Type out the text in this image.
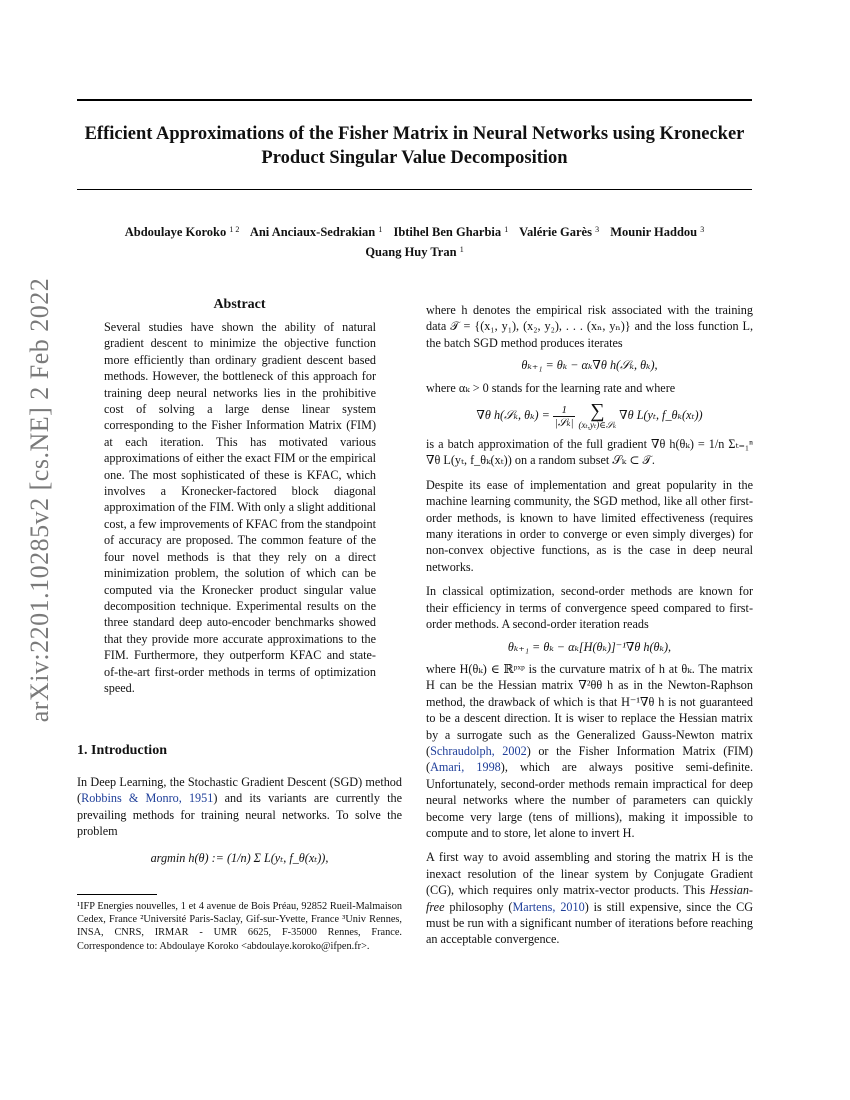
Efficient Approximations of the Fisher Matrix in Neural Networks using Kronecker Product Singular Value Decomposition
Abdoulaye Koroko $^{1 2}$ Ani Anciaux-Sedrakian $^1$ Ibtihel Ben Gharbia $^1$ Valérie Garès $^3$ Mounir Haddou $^3$
Quang Huy Tran $^1$
arXiv:2201.10285v2 [cs.NE] 2 Feb 2022	Abstract
Several studies have shown the ability of natural gradient descent to minimize the objective function more efficiently than ordinary gradient descent based methods. However, the bottleneck of this approach for training deep neural networks lies in the prohibitive cost of solving a large dense linear system corresponding to the Fisher Information Matrix (FIM) at each iteration. This has motivated various approximations of either the exact FIM or the empirical one. The most sophisticated of these is KFAC, which involves a Kronecker-factored block diagonal approximation of the FIM. With only a slight additional cost, a few improvements of KFAC from the standpoint of accuracy are proposed. The common feature of the four novel methods is that they rely on a direct minimization problem, the solution of which can be computed via the Kronecker product singular value decomposition technique. Experimental results on the three standard deep auto-encoder benchmarks showed that they provide more accurate approximations to the FIM. Furthermore, they outperform KFAC and state-of-the-art first-order methods in terms of optimization speed.
1. Introduction

In Deep Learning, the Stochastic Gradient Descent (SGD) method (Robbins & Monro, 1951) and its variants are currently the prevailing methods for training neural networks. To solve the problem

argmin h(θ) := (1/n) Σ L(yₜ, f_θ(xₜ)),
¹IFP Energies nouvelles, 1 et 4 avenue de Bois Préau, 92852 Rueil-Malmaison Cedex, France ²Université Paris-Saclay, Gif-sur-Yvette, France ³Univ Rennes, INSA, CNRS, IRMAR - UMR 6625, F-35000 Rennes, France. Correspondence to: Abdoulaye Koroko <abdoulaye.koroko@ifpen.fr>.

where h denotes the empirical risk associated with the training data 𝒯 = {(x₁, y₁), (x₂, y₂), . . . (xₙ, yₙ)} and the loss function L, the batch SGD method produces iterates

θₖ₊₁ = θₖ − αₖ∇θ h(𝒮ₖ, θₖ),

where αₖ > 0 stands for the learning rate and where

∇θ h(𝒮ₖ, $\theta_k) = \frac{1}{\text{|𝒮ₖ|}}$
∑
(xₜ,yₜ)∈𝒮ₖ ∇θ L(yₜ, f_θₖ(xₜ))

is a batch approximation of the full gradient ∇θ h(θₖ) = 1/n Σₜ₌₁ⁿ ∇θ L(yₜ, f_θₖ(xₜ)) on a random subset 𝒮ₖ ⊂ 𝒯.

Despite its ease of implementation and great popularity in the machine learning community, the SGD method, like all other first-order methods, is known to have limited effectiveness (requires many iterations in order to converge or even simply diverges) for non-convex objective functions, as is the case in deep neural networks.

In classical optimization, second-order methods are known for their efficiency in terms of convergence speed compared to first-order methods. A second-order iteration reads

θₖ₊₁ = θₖ − αₖ[H(θₖ)]⁻¹∇θ h(θₖ),

where H(θₖ) ∈ ℝᵖˣᵖ is the curvature matrix of h at θₖ. The matrix H can be the Hessian matrix ∇²θθ h as in the Newton-Raphson method, the drawback of which is that H⁻¹∇θ h is not guaranteed to be a descent direction. It is wiser to replace the Hessian matrix by a surrogate such as the Generalized Gauss-Newton matrix (Schraudolph, 2002) or the Fisher Information Matrix (FIM) (Amari, 1998), which are always positive semi-definite. Unfortunately, second-order methods remain impractical for deep neural networks where the number of parameters can quickly become very large (tens of millions), making it impossible to compute and to store, let alone to invert H.

A first way to avoid assembling and storing the matrix H is the inexact resolution of the linear system by Conjugate Gradient (CG), which requires only matrix-vector products. This Hessian-free philosophy (Martens, 2010) is still expensive, since the CG must be run with a significant number of iterations before reaching an acceptable convergence.
